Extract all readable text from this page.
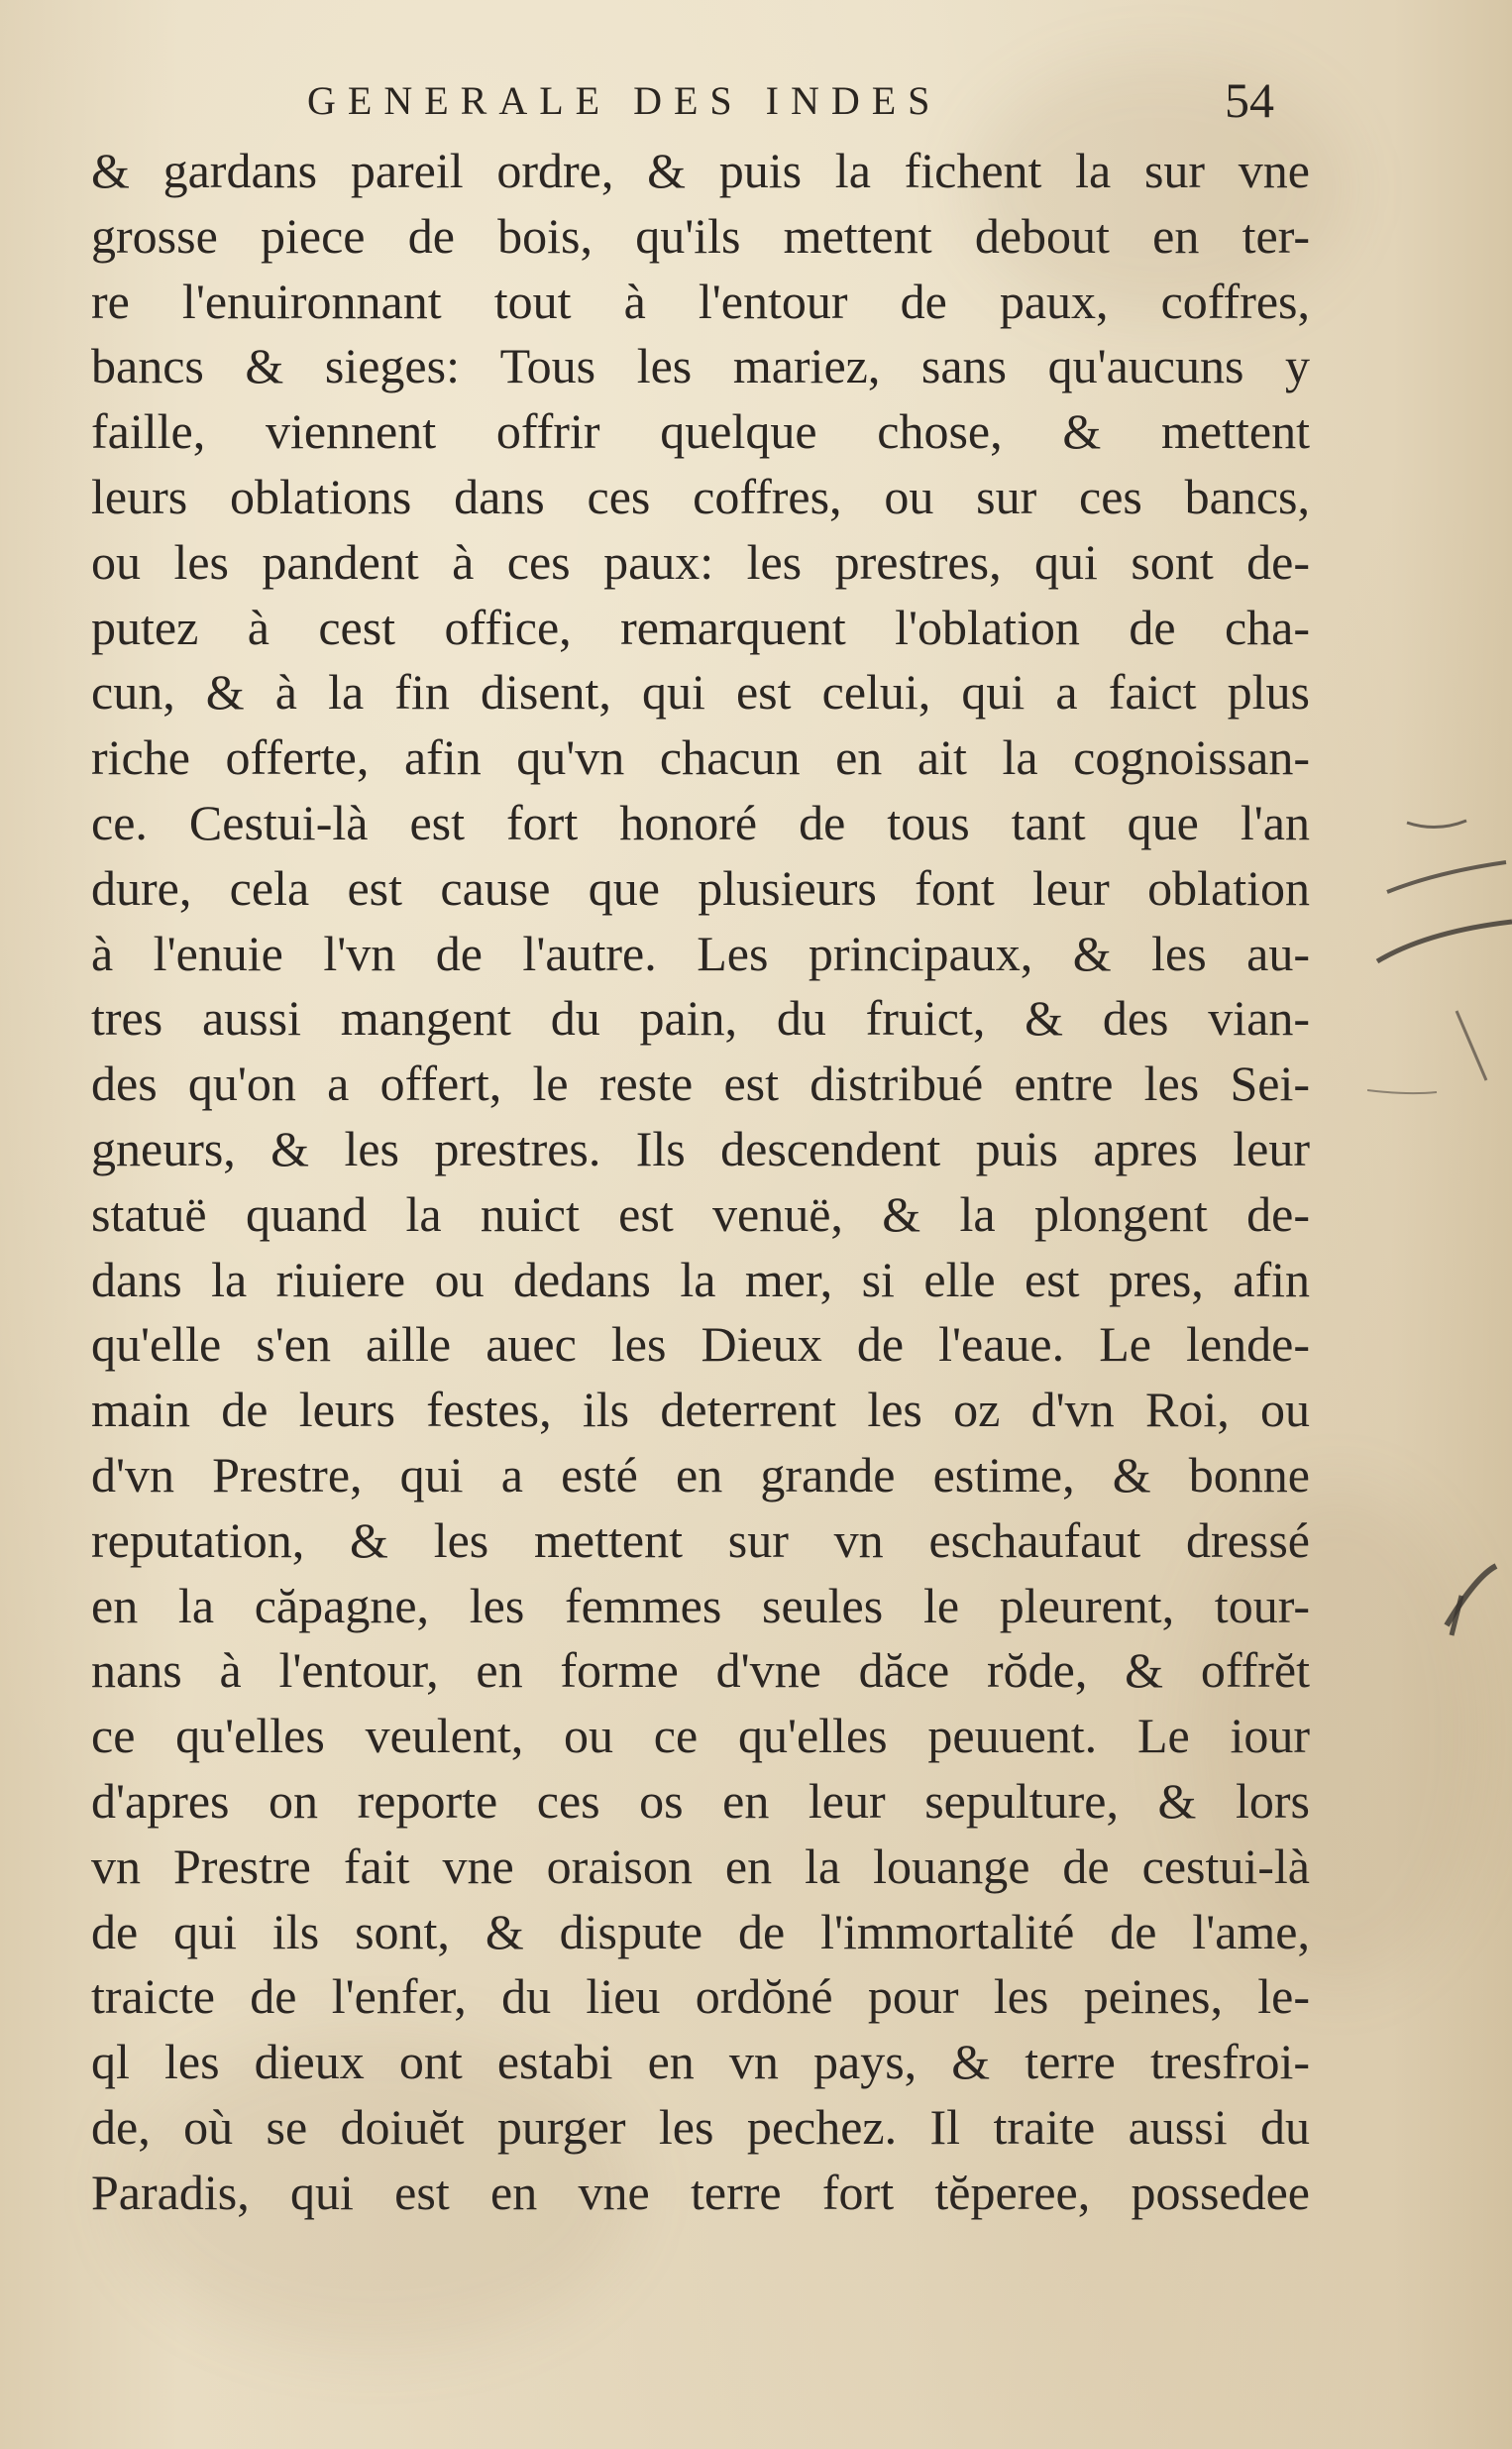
GENERALE DES INDES	54
& gardans pareil ordre, & puis la fichent la sur vne
grosse piece de bois, qu'ils mettent debout en ter-
re l'enuironnant tout à l'entour de paux, coffres,
bancs & sieges: Tous les mariez, sans qu'aucuns y
faille, viennent offrir quelque chose, & mettent
leurs oblations dans ces coffres, ou sur ces bancs,
ou les pandent à ces paux: les prestres, qui sont de-
putez à cest office, remarquent l'oblation de cha-
cun, & à la fin disent, qui est celui, qui a faict plus
riche offerte, afin qu'vn chacun en ait la cognoissan-
ce. Cestui-là est fort honoré de tous tant que l'an
dure, cela est cause que plusieurs font leur oblation
à l'enuie l'vn de l'autre. Les principaux, & les au-
tres aussi mangent du pain, du fruict, & des vian-
des qu'on a offert, le reste est distribué entre les Sei-
gneurs, & les prestres. Ils descendent puis apres leur
statuë quand la nuict est venuë, & la plongent de-
dans la riuiere ou dedans la mer, si elle est pres, afin
qu'elle s'en aille auec les Dieux de l'eaue. Le lende-
main de leurs festes, ils deterrent les oz d'vn Roi, ou
d'vn Prestre, qui a esté en grande estime, & bonne
reputation, & les mettent sur vn eschaufaut dressé
en la căpagne, les femmes seules le pleurent, tour-
nans à l'entour, en forme d'vne dăce rŏde, & offrĕt
ce qu'elles veulent, ou ce qu'elles peuuent. Le iour
d'apres on reporte ces os en leur sepulture, & lors
vn Prestre fait vne oraison en la louange de cestui-là
de qui ils sont, & dispute de l'immortalité de l'ame,
traicte de l'enfer, du lieu ordŏné pour les peines, le-
ql les dieux ont estabi en vn pays, & terre tresfroi-
de, où se doiuĕt purger les pechez. Il traite aussi du
Paradis, qui est en vne terre fort tĕperee, possedee
